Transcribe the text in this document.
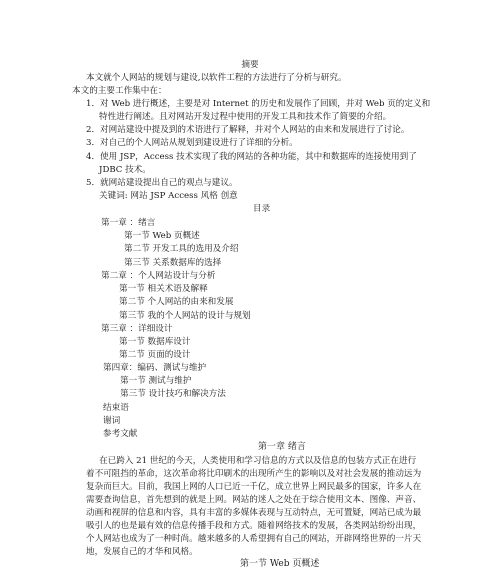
摘要
本文就个人网站的规划与建设,以软件工程的方法进行了分析与研究。
本文的主要工作集中在：
1．对 Web 进行概述，主要是对 Internet 的历史和发展作了回顾，并对 Web 页的定义和
特性进行阐述。且对网站开发过程中使用的开发工具和技术作了简要的介绍。
2．对网站建设中提及到的术语进行了解释，并对个人网站的由来和发展进行了讨论。
3．对自己的个人网站从规划到建设进行了详细的分析。
4．使用 JSP，Access 技术实现了我的网站的各种功能，其中和数据库的连接使用到了
JDBC 技术。
5．就网站建设提出自己的观点与建议。
关键词: 网站 JSP Access 风格 创意
目录
第一章 ：绪言
第一节 Web 页概述
第二节 开发工具的选用及介绍
第三节 关系数据库的选择
第二章 ：个人网站设计与分析
第一节 相关术语及解释
第二节 个人网站的由来和发展
第三节 我的个人网站的设计与规划
第三章 ：详细设计
第一节 数据库设计
第二节 页面的设计
第四章：编码、测试与维护
第一节 测试与维护
第三节 设计技巧和解决方法
结束语
谢词
参考文献
第一章 绪言
在已跨入 21 世纪的今天，人类使用和学习信息的方式以及信息的包装方式正在进行
着不可阻挡的革命，这次革命将比印刷术的出现所产生的影响以及对社会发展的推动远为
复杂而巨大。目前，我国上网的人口已近一千亿，成立世界上网民最多的国家，许多人在
需要查询信息，首先想到的就是上网。网站的迷人之处在于综合使用文本、图像、声音、
动画和视屏的信息和内容，具有丰富的多媒体表现与互动特点，无可置疑，网站已成为最
吸引人的也是最有效的信息传播手段和方式。随着网络技术的发展，各类网站纷纷出现，
个人网站也成为了一种时尚。越来越多的人希望拥有自己的网站，开辟网络世界的一片天
地，发展自己的才华和风格。
第一节 Web 页概述
